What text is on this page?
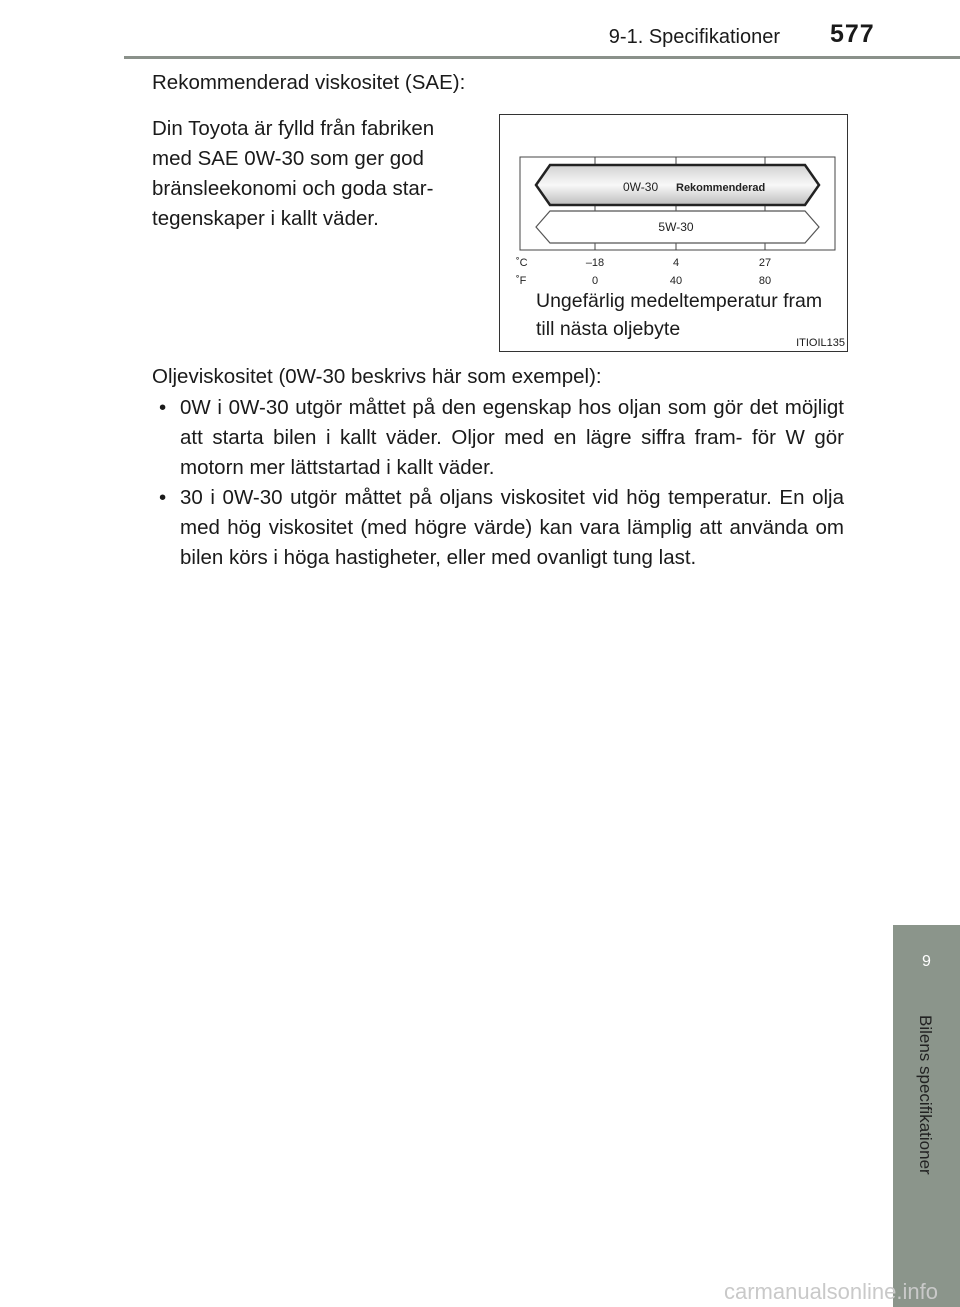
9-1. Specifikationer 577
9
Bilens specifikationer

Rekommenderad viskositet (SAE):

Din Toyota är fylld från fabriken
med SAE 0W-30 som ger god
bränsleekonomi och goda star-
tegenskaper i kallt väder.

0W-30 Rekommenderad
5W-30
˚C	–18	4	27
˚F	0	40	80
ITIOIL135
Ungefärlig medeltemperatur fram
till nästa oljebyte

Oljeviskositet (0W-30 beskrivs här som exempel):

• 0W i 0W-30 utgör måttet på den egenskap hos oljan som gör det möjligt att starta bilen i kallt väder. Oljor med en lägre siffra fram- för W gör motorn mer lättstartad i kallt väder.
• 30 i 0W-30 utgör måttet på oljans viskositet vid hög temperatur. En olja med hög viskositet (med högre värde) kan vara lämplig att använda om bilen körs i höga hastigheter, eller med ovanligt tung last.
carmanualsonline.info
